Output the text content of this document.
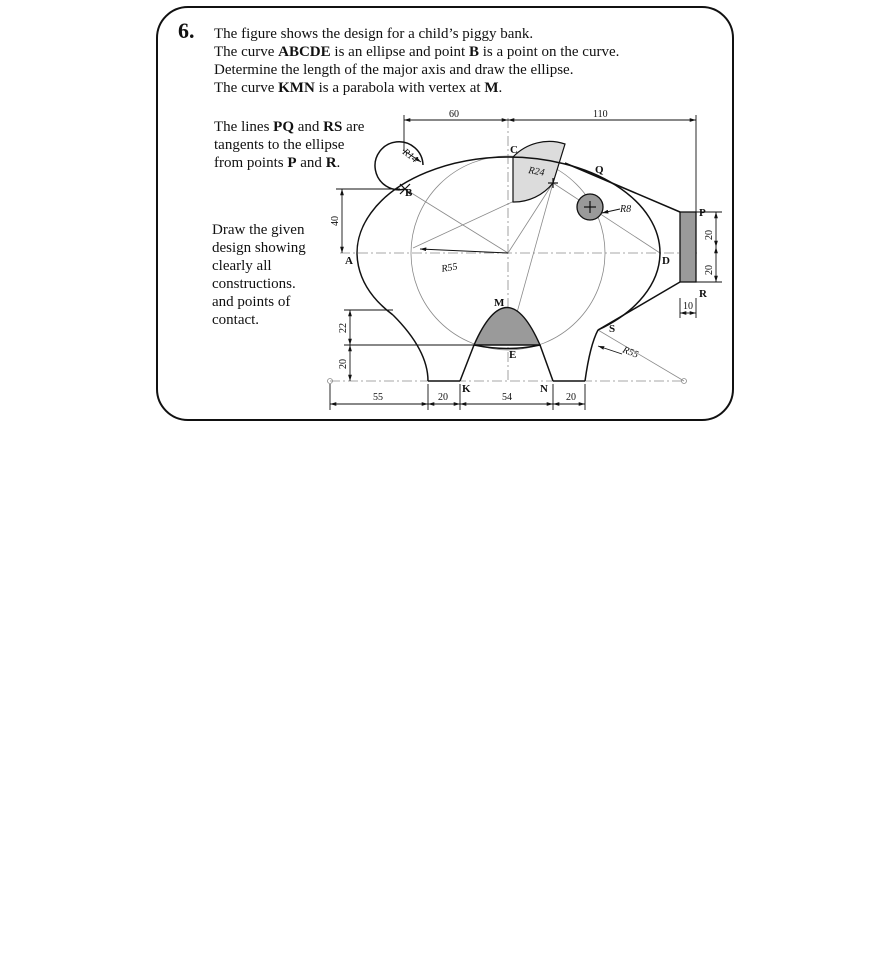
6. The figure shows the design for a child’s piggy bank.
The curve ABCDE is an ellipse and point B is a point on the curve.
Determine the length of the major axis and draw the ellipse.
The curve KMN is a parabola with vertex at M.
The lines PQ and RS are
tangents to the ellipse
from points P and R.
Draw the given
design showing
clearly all
constructions.
and points of
contact.
A
B
C
D
E
M
K	N
P
Q
R
S
60	110
40
22
20
55	20	54	20
20
20
10
R14
R24
R8
R55
R55
